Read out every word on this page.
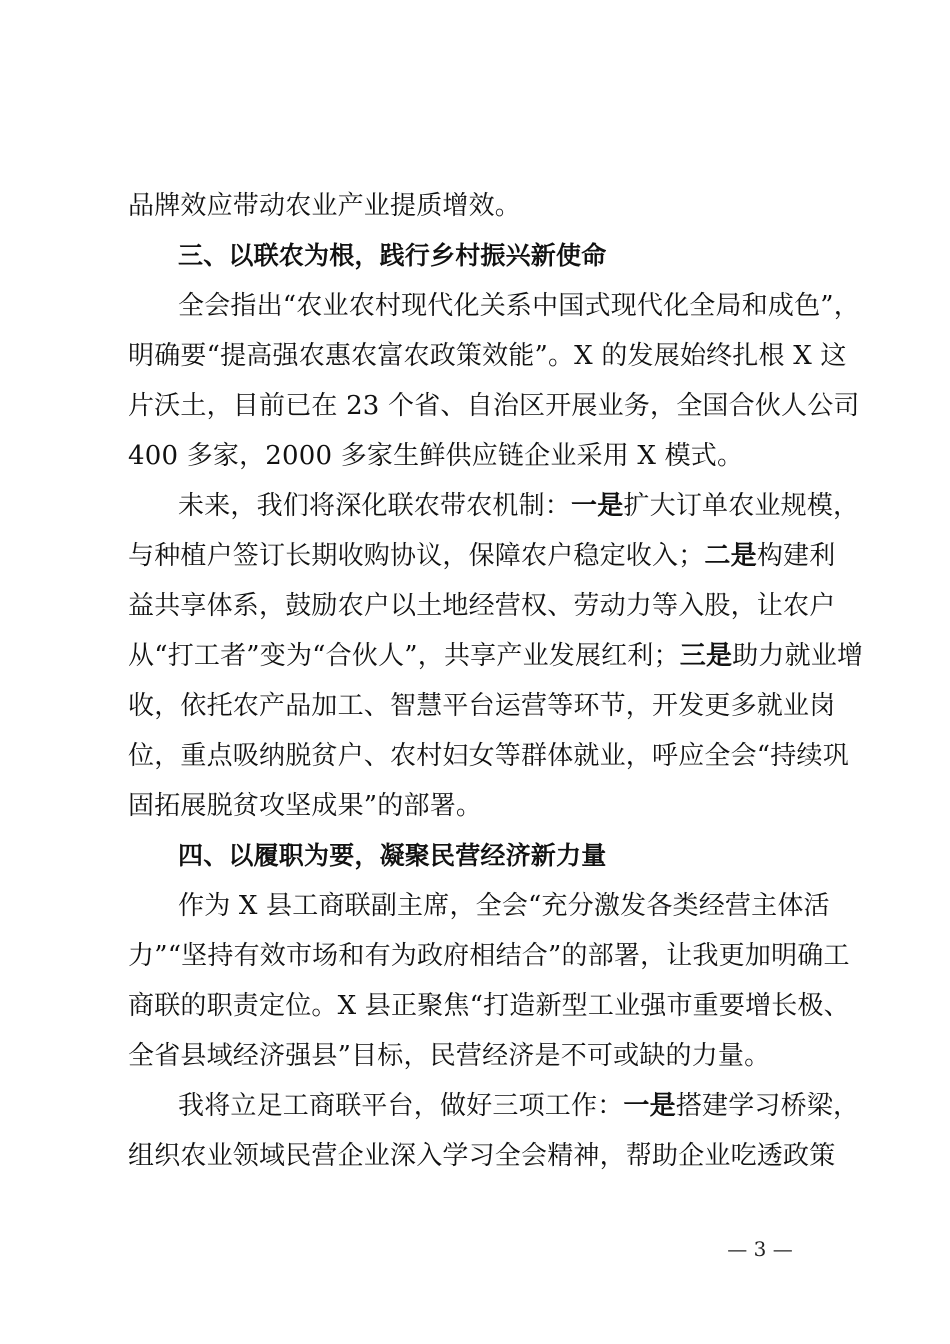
品牌效应带动农业产业提质增效。
三、以联农为根，践行乡村振兴新使命
全会指出“农业农村现代化关系中国式现代化全局和成色”，
明确要“提高强农惠农富农政策效能”。X 的发展始终扎根 X 这
片沃土，目前已在 23 个省、自治区开展业务，全国合伙人公司
400 多家，2000 多家生鲜供应链企业采用 X 模式。
未来，我们将深化联农带农机制：一是扩大订单农业规模，
与种植户签订长期收购协议，保障农户稳定收入；二是构建利
益共享体系，鼓励农户以土地经营权、劳动力等入股，让农户
从“打工者”变为“合伙人”，共享产业发展红利；三是助力就业增
收，依托农产品加工、智慧平台运营等环节，开发更多就业岗
位，重点吸纳脱贫户、农村妇女等群体就业，呼应全会“持续巩
固拓展脱贫攻坚成果”的部署。
四、以履职为要，凝聚民营经济新力量
作为 X 县工商联副主席，全会“充分激发各类经营主体活
力”“坚持有效市场和有为政府相结合”的部署，让我更加明确工
商联的职责定位。X 县正聚焦“打造新型工业强市重要增长极、
全省县域经济强县”目标，民营经济是不可或缺的力量。
我将立足工商联平台，做好三项工作：一是搭建学习桥梁，
组织农业领域民营企业深入学习全会精神，帮助企业吃透政策
— 3 —
